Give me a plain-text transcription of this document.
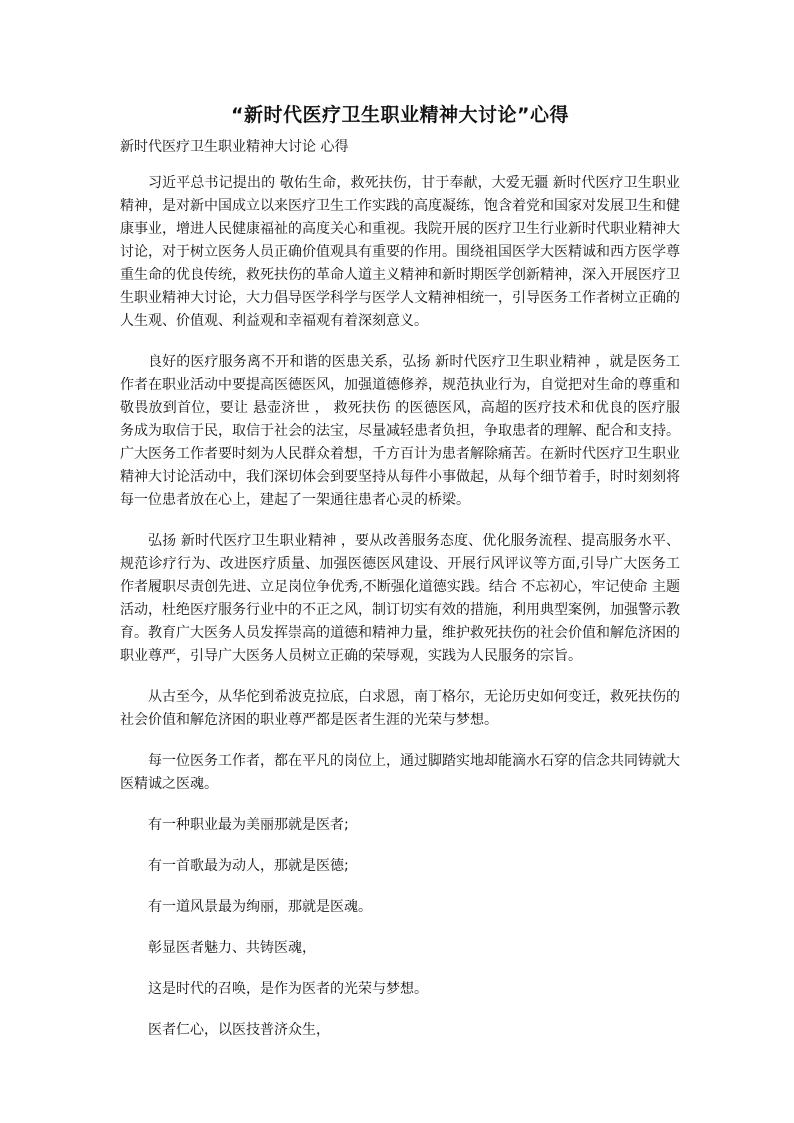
“新时代医疗卫生职业精神大讨论”心得
新时代医疗卫生职业精神大讨论 心得

习近平总书记提出的 敬佑生命，救死扶伤，甘于奉献，大爱无疆 新时代医疗卫生职业精神，是对新中国成立以来医疗卫生工作实践的高度凝练，饱含着党和国家对发展卫生和健康事业，增进人民健康福祉的高度关心和重视。我院开展的医疗卫生行业新时代职业精神大讨论，对于树立医务人员正确价值观具有重要的作用。围绕祖国医学大医精诚和西方医学尊重生命的优良传统，救死扶伤的革命人道主义精神和新时期医学创新精神，深入开展医疗卫生职业精神大讨论，大力倡导医学科学与医学人文精神相统一，引导医务工作者树立正确的人生观、价值观、利益观和幸福观有着深刻意义。

良好的医疗服务离不开和谐的医患关系，弘扬 新时代医疗卫生职业精神 ，就是医务工作者在职业活动中要提高医德医风，加强道德修养，规范执业行为，自觉把对生命的尊重和敬畏放到首位，要让 悬壶济世 ， 救死扶伤 的医德医风，高超的医疗技术和优良的医疗服务成为取信于民，取信于社会的法宝，尽量减轻患者负担，争取患者的理解、配合和支持。广大医务工作者要时刻为人民群众着想，千方百计为患者解除痛苦。在新时代医疗卫生职业精神大讨论活动中，我们深切体会到要坚持从每件小事做起，从每个细节着手，时时刻刻将每一位患者放在心上，建起了一架通往患者心灵的桥梁。

弘扬 新时代医疗卫生职业精神 ，要从改善服务态度、优化服务流程、提高服务水平、规范诊疗行为、改进医疗质量、加强医德医风建设、开展行风评议等方面,引导广大医务工作者履职尽责创先进、立足岗位争优秀,不断强化道德实践。结合 不忘初心，牢记使命 主题活动，杜绝医疗服务行业中的不正之风，制订切实有效的措施，利用典型案例，加强警示教育。教育广大医务人员发挥崇高的道德和精神力量，维护救死扶伤的社会价值和解危济困的职业尊严，引导广大医务人员树立正确的荣辱观，实践为人民服务的宗旨。

从古至今，从华佗到希波克拉底，白求恩，南丁格尔，无论历史如何变迁，救死扶伤的社会价值和解危济困的职业尊严都是医者生涯的光荣与梦想。

每一位医务工作者，都在平凡的岗位上，通过脚踏实地却能滴水石穿的信念共同铸就大医精诚之医魂。

有一种职业最为美丽那就是医者;

有一首歌最为动人，那就是医德;

有一道风景最为绚丽，那就是医魂。

彰显医者魅力、共铸医魂，

这是时代的召唤，是作为医者的光荣与梦想。

医者仁心，以医技普济众生，
